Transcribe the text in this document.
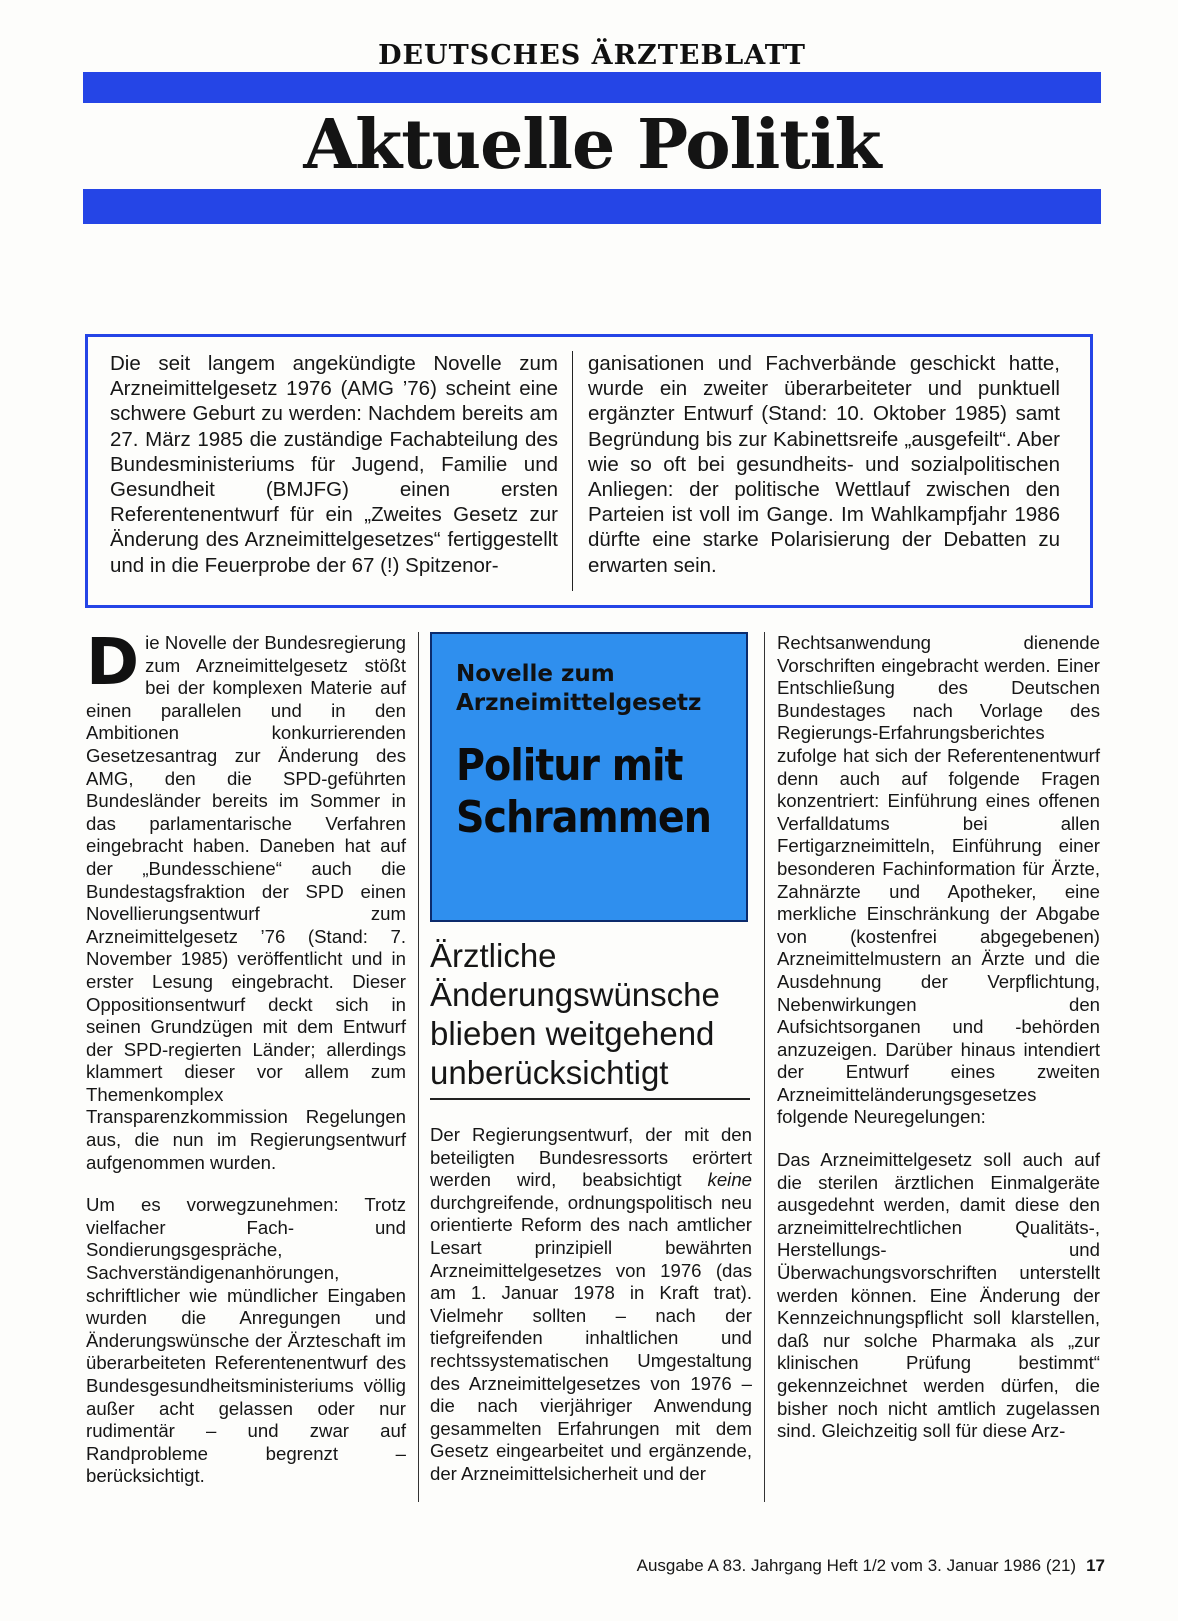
DEUTSCHES ÄRZTEBLATT
Aktuelle Politik
Die seit langem angekündigte Novelle zum Arzneimittelgesetz 1976 (AMG ’76) scheint eine schwere Geburt zu werden: Nachdem bereits am 27. März 1985 die zuständige Fachabteilung des Bundesministeriums für Jugend, Familie und Gesundheit (BMJFG) einen ersten Referentenentwurf für ein „Zweites Gesetz zur Änderung des Arzneimittelgesetzes“ fertiggestellt und in die Feuerprobe der 67 (!) Spitzenor-
ganisationen und Fachverbände geschickt hatte, wurde ein zweiter überarbeiteter und punktuell ergänzter Entwurf (Stand: 10. Oktober 1985) samt Begründung bis zur Kabinettsreife „ausgefeilt“. Aber wie so oft bei gesundheits- und sozialpolitischen Anliegen: der politische Wettlauf zwischen den Parteien ist voll im Gange. Im Wahlkampfjahr 1986 dürfte eine starke Polarisierung der Debatten zu erwarten sein.

Die Novelle der Bundesregierung zum Arzneimittelgesetz stößt bei der komplexen Materie auf einen parallelen und in den Ambitionen konkurrierenden Gesetzesantrag zur Änderung des AMG, den die SPD-geführten Bundesländer bereits im Sommer in das parlamentarische Verfahren eingebracht haben. Daneben hat auf der „Bundesschiene“ auch die Bundestagsfraktion der SPD einen Novellierungsentwurf zum Arzneimittelgesetz ’76 (Stand: 7. November 1985) veröffentlicht und in erster Lesung eingebracht. Dieser Oppositionsentwurf deckt sich in seinen Grundzügen mit dem Entwurf der SPD-regierten Länder; allerdings klammert dieser vor allem zum Themenkomplex Transparenzkommission Regelungen aus, die nun im Regierungsentwurf aufgenommen wurden.

Um es vorwegzunehmen: Trotz vielfacher Fach- und Sondierungsgespräche, Sachverständigenanhörungen, schriftlicher wie mündlicher Eingaben wurden die Anregungen und Änderungswünsche der Ärzteschaft im überarbeiteten Referentenentwurf des Bundesgesundheitsministeriums völlig außer acht gelassen oder nur rudimentär – und zwar auf Randprobleme begrenzt – berücksichtigt.

Novelle zum Arzneimittelgesetz
Politur mit Schrammen
Ärztliche Änderungswünsche blieben weitgehend unberücksichtigt

Der Regierungsentwurf, der mit den beteiligten Bundesressorts erörtert werden wird, beabsichtigt keine durchgreifende, ordnungspolitisch neu orientierte Reform des nach amtlicher Lesart prinzipiell bewährten Arzneimittelgesetzes von 1976 (das am 1. Januar 1978 in Kraft trat). Vielmehr sollten – nach der tiefgreifenden inhaltlichen und rechtssystematischen Umgestaltung des Arzneimittelgesetzes von 1976 – die nach vierjähriger Anwendung gesammelten Erfahrungen mit dem Gesetz eingearbeitet und ergänzende, der Arzneimittelsicherheit und der

Rechtsanwendung dienende Vorschriften eingebracht werden. Einer Entschließung des Deutschen Bundestages nach Vorlage des Regierungs-Erfahrungsberichtes zufolge hat sich der Referentenentwurf denn auch auf folgende Fragen konzentriert: Einführung eines offenen Verfalldatums bei allen Fertigarzneimitteln, Einführung einer besonderen Fachinformation für Ärzte, Zahnärzte und Apotheker, eine merkliche Einschränkung der Abgabe von (kostenfrei abgegebenen) Arzneimittelmustern an Ärzte und die Ausdehnung der Verpflichtung, Nebenwirkungen den Aufsichtsorganen und -behörden anzuzeigen. Darüber hinaus intendiert der Entwurf eines zweiten Arzneimitteländerungsgesetzes folgende Neuregelungen:

Das Arzneimittelgesetz soll auch auf die sterilen ärztlichen Einmalgeräte ausgedehnt werden, damit diese den arzneimittelrechtlichen Qualitäts-, Herstellungs- und Überwachungsvorschriften unterstellt werden können. Eine Änderung der Kennzeichnungspflicht soll klarstellen, daß nur solche Pharmaka als „zur klinischen Prüfung bestimmt“ gekennzeichnet werden dürfen, die bisher noch nicht amtlich zugelassen sind. Gleichzeitig soll für diese Arz-

Ausgabe A 83. Jahrgang Heft 1/2 vom 3. Januar 1986 (21) 17
